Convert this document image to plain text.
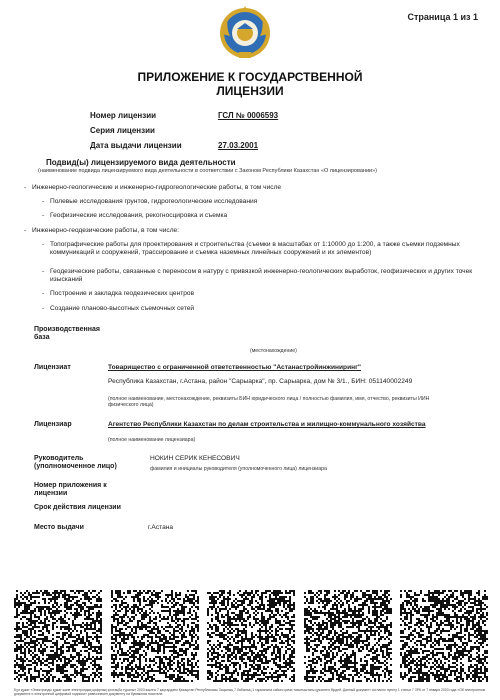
Страница 1 из 1
ПРИЛОЖЕНИЕ К ГОСУДАРСТВЕННОЙ
ЛИЦЕНЗИИ
Номер лицензии	ГСЛ № 0006593
Серия лицензии
Дата выдачи лицензии	27.03.2001
Подвид(ы) лицензируемого вида деятельности
(наименование подвида лицензируемого вида деятельности в соответствии с Законом Республики Казахстан «О лицензировании»)
- Инженерно-геологические и инженерно-гидрогеологические работы, в том числе
- Полевые исследования грунтов, гидрогеологические исследования
- Геофизические исследования, рекогносцировка и съемка
- Инженерно-геодезические работы, в том числе:
- Топографические работы для проектирования и строительства (съемки в масштабах от 1:10000 до 1:200, а также съемки подземных коммуникаций и сооружений, трассирование и съемка наземных линейных сооружений и их элементов)
- Геодезические работы, связанные с переносом в натуру с привязкой инженерно-геологических выработок, геофизических и других точек изысканий
- Построение и закладка геодезических центров
- Создание планово-высотных съемочных сетей
Производственная база
(местонахождение)
Лицензиат	Товарищество с ограниченной ответственностью "Астанастройинжиниринг"
Республика Казахстан, г.Астана, район "Сарыарка", пр. Сарыарка, дом № 3/1., БИН: 051140002249
(полное наименование, местонахождение, реквизиты БИН юридического лица / полностью фамилия, имя, отчество, реквизиты ИИН физического лица)
Лицензиар	Агентство Республики Казахстан по делам строительства и жилищно-коммунального хозяйства
(полное наименование лицензиара)
Руководитель (уполномоченное лицо)
НОКИН СЕРИК КЕНЕСОВИЧ
фамилия и инициалы руководителя (уполномоченного лица) лицензиара
Номер приложения к лицензии
Срок действия лицензии
Место выдачи	г.Астана
Бұл құжат «Электронды құжат және электрондық цифрлық қолтаңба туралы» 2003 жылғы 7 қаңтардағы Қазақстан Республикасы Заңының 7 бабының 1 тармағына сәйкес қағаз тасығыштағы құжатпен бірдей. Данный документ согласно пункту 1 статьи 7 ЗРК от 7 января 2003 года «Об электронном документе и электронной цифровой подписи» равнозначен документу на бумажном носителе.
